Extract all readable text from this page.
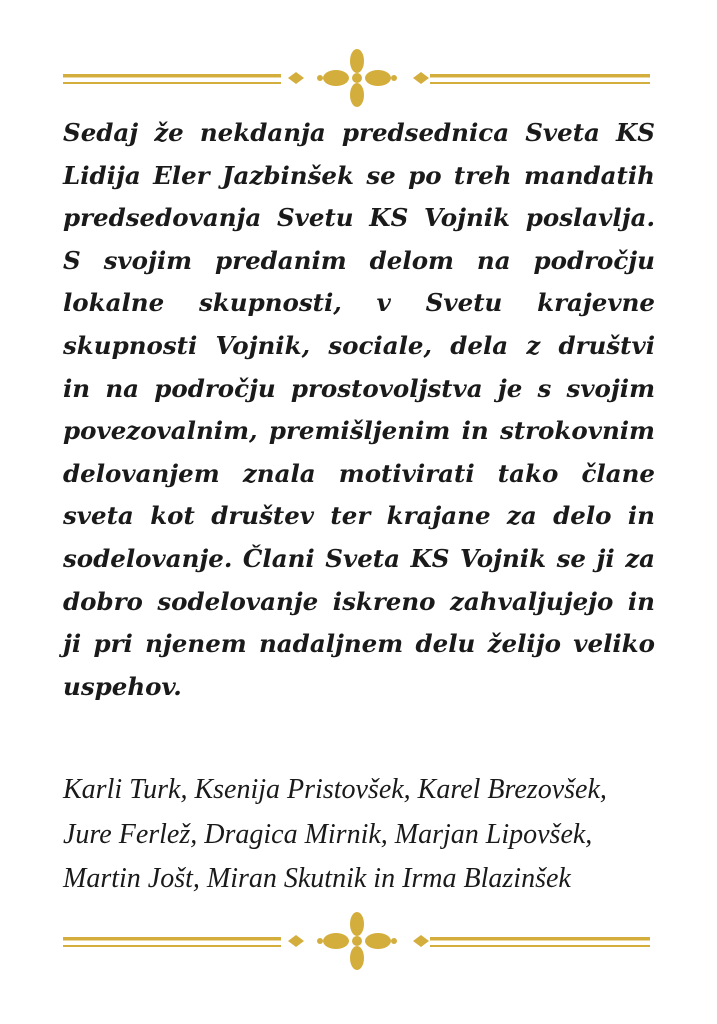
Sedaj že nekdanja predsednica Sveta KS
Lidija Eler Jazbinšek se po treh mandatih
predsedovanja Svetu KS Vojnik poslavlja.
S svojim predanim delom na področju
lokalne skupnosti, v Svetu krajevne
skupnosti Vojnik, sociale, dela z društvi
in na področju prostovoljstva je s svojim
povezovalnim, premišljenim in strokovnim
delovanjem znala motivirati tako člane
sveta kot društev ter krajane za delo in
sodelovanje. Člani Sveta KS Vojnik se ji za
dobro sodelovanje iskreno zahvaljujejo in
ji pri njenem nadaljnem delu želijo veliko
uspehov.
Karli Turk, Ksenija Pristovšek, Karel Brezovšek,
Jure Ferlež, Dragica Mirnik, Marjan Lipovšek,
Martin Jošt, Miran Skutnik in Irma Blazinšek
